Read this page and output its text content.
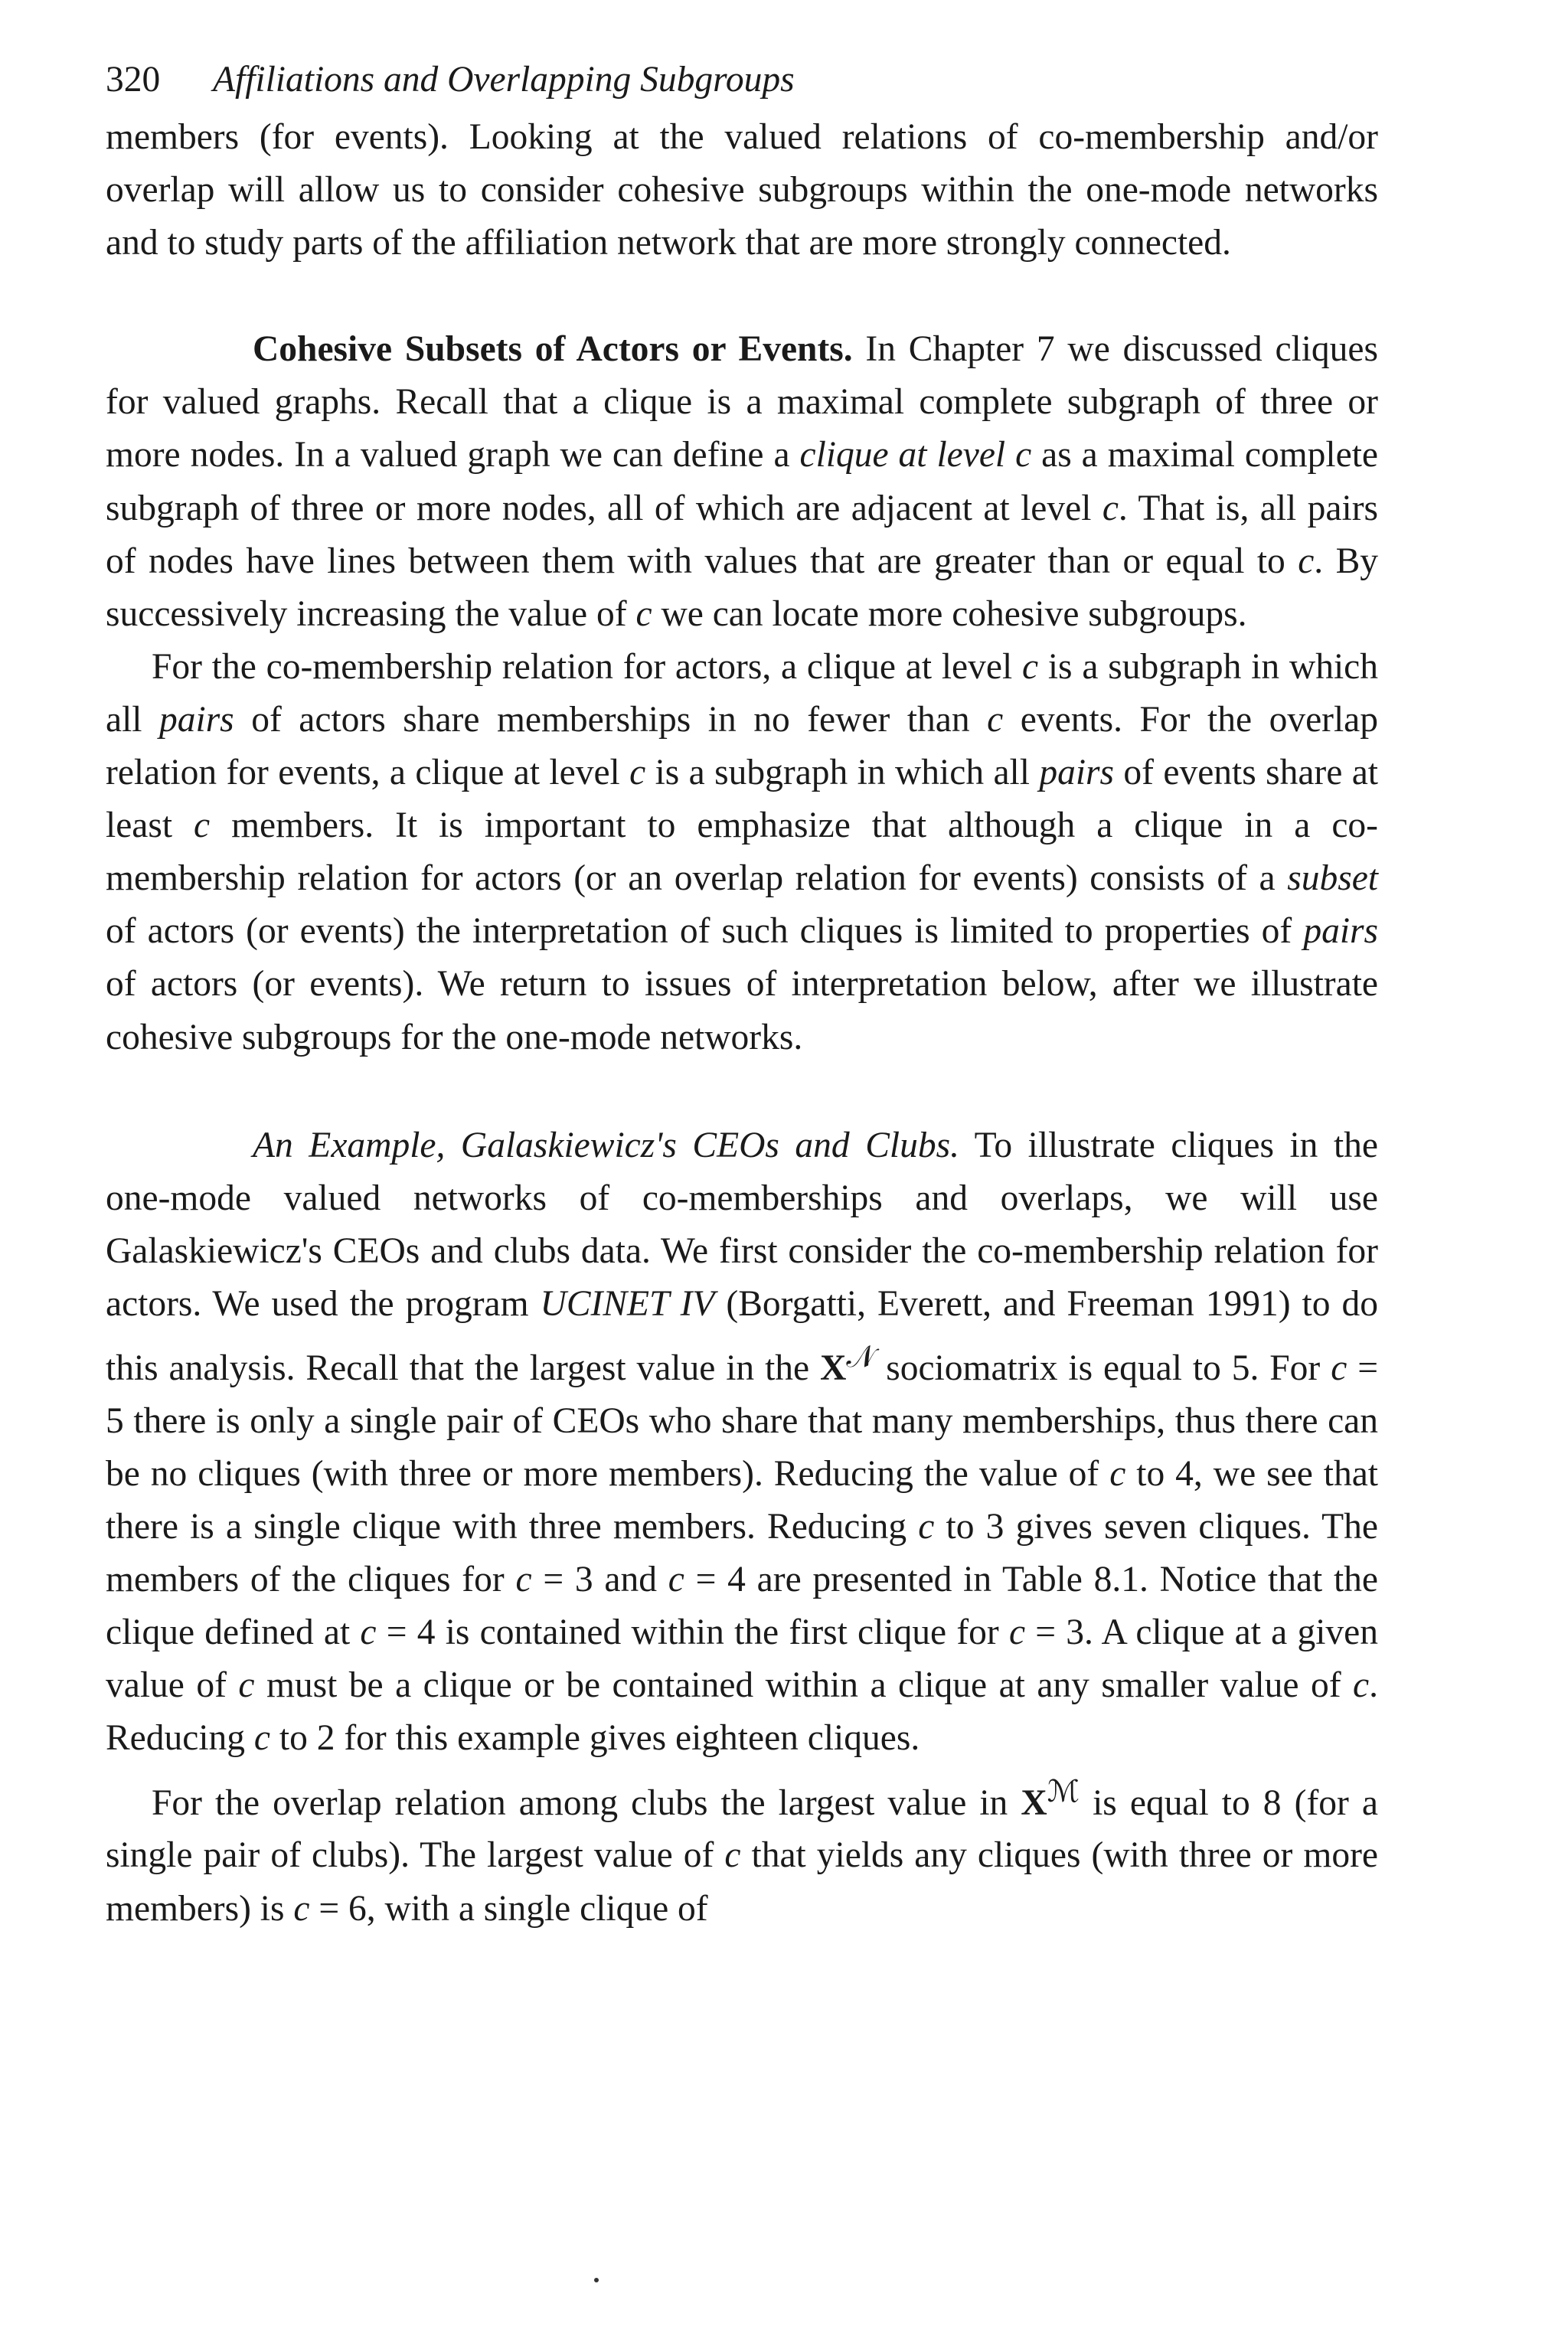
320 Affiliations and Overlapping Subgroups

members (for events). Looking at the valued relations of co-membership and/or overlap will allow us to consider cohesive subgroups within the one-mode networks and to study parts of the affiliation network that are more strongly connected.

Cohesive Subsets of Actors or Events. In Chapter 7 we discussed cliques for valued graphs. Recall that a clique is a maximal complete subgraph of three or more nodes. In a valued graph we can define a clique at level c as a maximal complete subgraph of three or more nodes, all of which are adjacent at level c. That is, all pairs of nodes have lines between them with values that are greater than or equal to c. By successively increasing the value of c we can locate more cohesive subgroups.

For the co-membership relation for actors, a clique at level c is a subgraph in which all pairs of actors share memberships in no fewer than c events. For the overlap relation for events, a clique at level c is a subgraph in which all pairs of events share at least c members. It is important to emphasize that although a clique in a co-membership relation for actors (or an overlap relation for events) consists of a subset of actors (or events) the interpretation of such cliques is limited to properties of pairs of actors (or events). We return to issues of interpretation below, after we illustrate cohesive subgroups for the one-mode networks.

An Example, Galaskiewicz's CEOs and Clubs. To illustrate cliques in the one-mode valued networks of co-memberships and overlaps, we will use Galaskiewicz's CEOs and clubs data. We first consider the co-membership relation for actors. We used the program UCINET IV (Borgatti, Everett, and Freeman 1991) to do this analysis. Recall that the largest value in the $X^𝒩$ sociomatrix is equal to 5. For c = 5 there is only a single pair of CEOs who share that many memberships, thus there can be no cliques (with three or more members). Reducing the value of c to 4, we see that there is a single clique with three members. Reducing c to 3 gives seven cliques. The members of the cliques for c = 3 and c = 4 are presented in Table 8.1. Notice that the clique defined at c = 4 is contained within the first clique for c = 3. A clique at a given value of c must be a clique or be contained within a clique at any smaller value of c. Reducing c to 2 for this example gives eighteen cliques.

For the overlap relation among clubs the largest value in $X^ℳ$ is equal to 8 (for a single pair of clubs). The largest value of c that yields any cliques (with three or more members) is c = 6, with a single clique of
